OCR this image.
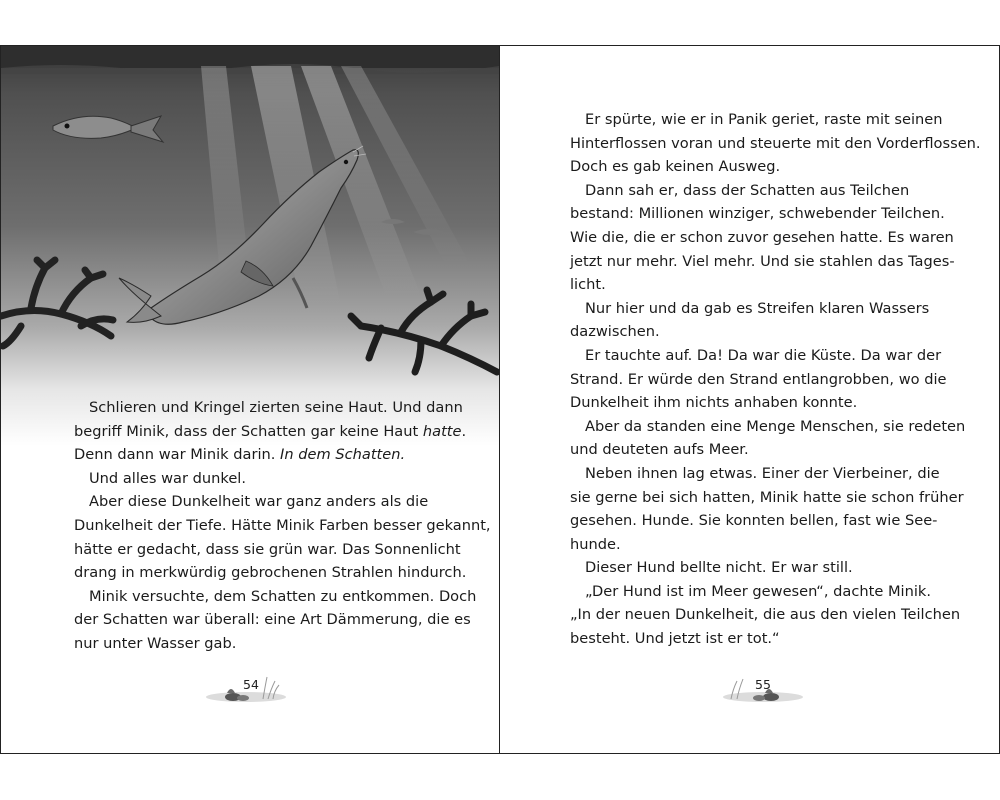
Schlieren und Kringel zierten seine Haut. Und dann
begriff Minik, dass der Schatten gar keine Haut hatte.
Denn dann war Minik darin. In dem Schatten.
Und alles war dunkel.
Aber diese Dunkelheit war ganz anders als die
Dunkelheit der Tiefe. Hätte Minik Farben besser gekannt,
hätte er gedacht, dass sie grün war. Das Sonnenlicht
drang in merkwürdig gebrochenen Strahlen hindurch.
Minik versuchte, dem Schatten zu entkommen. Doch
der Schatten war überall: eine Art Dämmerung, die es
nur unter Wasser gab.
54
Er spürte, wie er in Panik geriet, raste mit seinen
Hinterflossen voran und steuerte mit den Vorderflossen.
Doch es gab keinen Ausweg.
Dann sah er, dass der Schatten aus Teilchen
bestand: Millionen winziger, schwebender Teilchen.
Wie die, die er schon zuvor gesehen hatte. Es waren
jetzt nur mehr. Viel mehr. Und sie stahlen das Tages-
licht.
Nur hier und da gab es Streifen klaren Wassers
dazwischen.
Er tauchte auf. Da! Da war die Küste. Da war der
Strand. Er würde den Strand entlangrobben, wo die
Dunkelheit ihm nichts anhaben konnte.
Aber da standen eine Menge Menschen, sie redeten
und deuteten aufs Meer.
Neben ihnen lag etwas. Einer der Vierbeiner, die
sie gerne bei sich hatten, Minik hatte sie schon früher
gesehen. Hunde. Sie konnten bellen, fast wie See-
hunde.
Dieser Hund bellte nicht. Er war still.
„Der Hund ist im Meer gewesen“, dachte Minik.
„In der neuen Dunkelheit, die aus den vielen Teilchen
besteht. Und jetzt ist er tot.“
55
